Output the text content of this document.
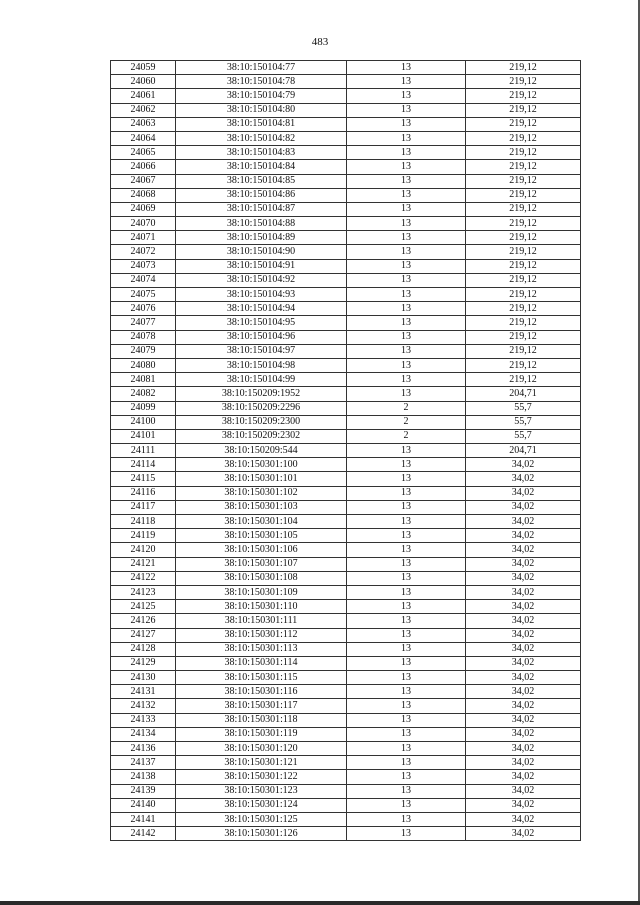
483
24059	38:10:150104:77	13	219,12
24060	38:10:150104:78	13	219,12
24061	38:10:150104:79	13	219,12
24062	38:10:150104:80	13	219,12
24063	38:10:150104:81	13	219,12
24064	38:10:150104:82	13	219,12
24065	38:10:150104:83	13	219,12
24066	38:10:150104:84	13	219,12
24067	38:10:150104:85	13	219,12
24068	38:10:150104:86	13	219,12
24069	38:10:150104:87	13	219,12
24070	38:10:150104:88	13	219,12
24071	38:10:150104:89	13	219,12
24072	38:10:150104:90	13	219,12
24073	38:10:150104:91	13	219,12
24074	38:10:150104:92	13	219,12
24075	38:10:150104:93	13	219,12
24076	38:10:150104:94	13	219,12
24077	38:10:150104:95	13	219,12
24078	38:10:150104:96	13	219,12
24079	38:10:150104:97	13	219,12
24080	38:10:150104:98	13	219,12
24081	38:10:150104:99	13	219,12
24082	38:10:150209:1952	13	204,71
24099	38:10:150209:2296	2	55,7
24100	38:10:150209:2300	2	55,7
24101	38:10:150209:2302	2	55,7
24111	38:10:150209:544	13	204,71
24114	38:10:150301:100	13	34,02
24115	38:10:150301:101	13	34,02
24116	38:10:150301:102	13	34,02
24117	38:10:150301:103	13	34,02
24118	38:10:150301:104	13	34,02
24119	38:10:150301:105	13	34,02
24120	38:10:150301:106	13	34,02
24121	38:10:150301:107	13	34,02
24122	38:10:150301:108	13	34,02
24123	38:10:150301:109	13	34,02
24125	38:10:150301:110	13	34,02
24126	38:10:150301:111	13	34,02
24127	38:10:150301:112	13	34,02
24128	38:10:150301:113	13	34,02
24129	38:10:150301:114	13	34,02
24130	38:10:150301:115	13	34,02
24131	38:10:150301:116	13	34,02
24132	38:10:150301:117	13	34,02
24133	38:10:150301:118	13	34,02
24134	38:10:150301:119	13	34,02
24136	38:10:150301:120	13	34,02
24137	38:10:150301:121	13	34,02
24138	38:10:150301:122	13	34,02
24139	38:10:150301:123	13	34,02
24140	38:10:150301:124	13	34,02
24141	38:10:150301:125	13	34,02
24142	38:10:150301:126	13	34,02
